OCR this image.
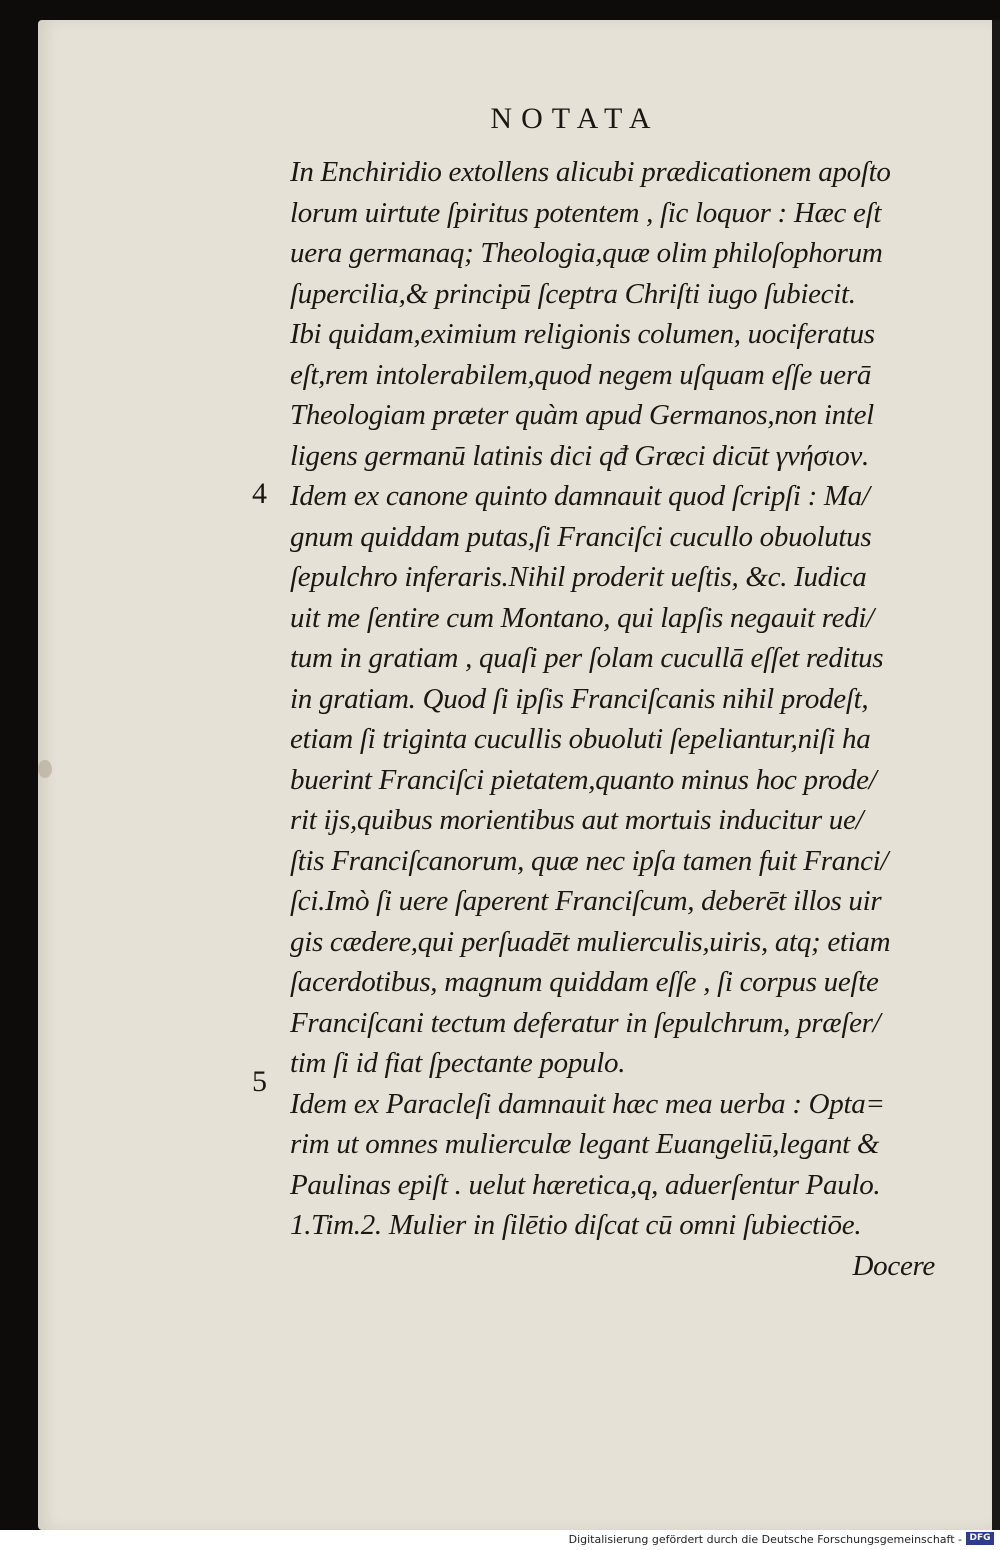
NOTATA
4
5
In Enchiridio extollens alicubi prædicationem apoſto
lorum uirtute ſpiritus potentem , ſic loquor : Hæc eſt
uera germanaq; Theologia,quæ olim philoſophorum
ſupercilia,& principū ſceptra Chriſti iugo ſubiecit.
Ibi quidam,eximium religionis columen, uociferatus
eſt,rem intolerabilem,quod negem uſquam eſſe uerā
Theologiam præter quàm apud Germanos,non intel
ligens germanū latinis dici qđ Græci dicūt γνήσιον.
Idem ex canone quinto damnauit quod ſcripſi : Ma/
gnum quiddam putas,ſi Franciſci cucullo obuolutus
ſepulchro inferaris.Nihil proderit ueſtis, &c. Iudica
uit me ſentire cum Montano, qui lapſis negauit redi/
tum in gratiam , quaſi per ſolam cucullā eſſet reditus
in gratiam. Quod ſi ipſis Franciſcanis nihil prodeſt,
etiam ſi triginta cucullis obuoluti ſepeliantur,niſi ha
buerint Franciſci pietatem,quanto minus hoc prode/
rit ijs,quibus morientibus aut mortuis inducitur ue/
ſtis Franciſcanorum, quæ nec ipſa tamen fuit Franci/
ſci.Imò ſi uere ſaperent Franciſcum, deberēt illos uir
gis cædere,qui perſuadēt mulierculis,uiris, atq; etiam
ſacerdotibus, magnum quiddam eſſe , ſi corpus ueſte
Franciſcani tectum deferatur in ſepulchrum, præſer/
tim ſi id fiat ſpectante populo.
Idem ex Paracleſi damnauit hæc mea uerba : Opta=
rim ut omnes mulierculæ legant Euangeliū,legant &
Paulinas epiſt . uelut hæretica,q, aduerſentur Paulo.
1.Tim.2. Mulier in ſilētio diſcat cū omni ſubiectiōe.
Docere
Digitalisierung gefördert durch die Deutsche Forschungsgemeinschaft - DFG
